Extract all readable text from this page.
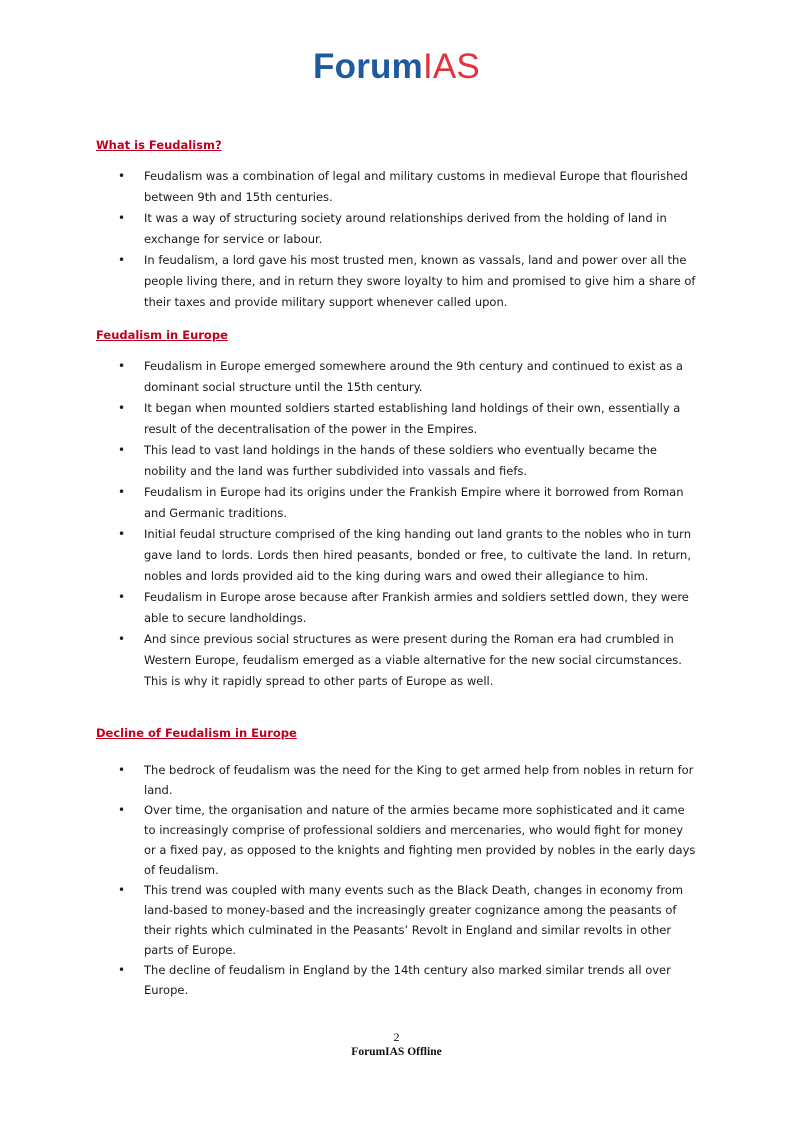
ForumIAS
What is Feudalism?
• Feudalism was a combination of legal and military customs in medieval Europe that flourished between 9th and 15th centuries.
• It was a way of structuring society around relationships derived from the holding of land in exchange for service or labour.
• In feudalism, a lord gave his most trusted men, known as vassals, land and power over all the people living there, and in return they swore loyalty to him and promised to give him a share of their taxes and provide military support whenever called upon.
Feudalism in Europe
• Feudalism in Europe emerged somewhere around the 9th century and continued to exist as a dominant social structure until the 15th century.
• It began when mounted soldiers started establishing land holdings of their own, essentially a result of the decentralisation of the power in the Empires.
• This lead to vast land holdings in the hands of these soldiers who eventually became the nobility and the land was further subdivided into vassals and fiefs.
• Feudalism in Europe had its origins under the Frankish Empire where it borrowed from Roman and Germanic traditions.
• Initial feudal structure comprised of the king handing out land grants to the nobles who in turn gave land to lords. Lords then hired peasants, bonded or free, to cultivate the land. In return, nobles and lords provided aid to the king during wars and owed their allegiance to him.
• Feudalism in Europe arose because after Frankish armies and soldiers settled down, they were able to secure landholdings.
• And since previous social structures as were present during the Roman era had crumbled in Western Europe, feudalism emerged as a viable alternative for the new social circumstances. This is why it rapidly spread to other parts of Europe as well.
Decline of Feudalism in Europe
• The bedrock of feudalism was the need for the King to get armed help from nobles in return for land.
• Over time, the organisation and nature of the armies became more sophisticated and it came to increasingly comprise of professional soldiers and mercenaries, who would fight for money or a fixed pay, as opposed to the knights and fighting men provided by nobles in the early days of feudalism.
• This trend was coupled with many events such as the Black Death, changes in economy from land-based to money-based and the increasingly greater cognizance among the peasants of their rights which culminated in the Peasants’ Revolt in England and similar revolts in other parts of Europe.
• The decline of feudalism in England by the 14th century also marked similar trends all over Europe.
2
ForumIAS Offline
